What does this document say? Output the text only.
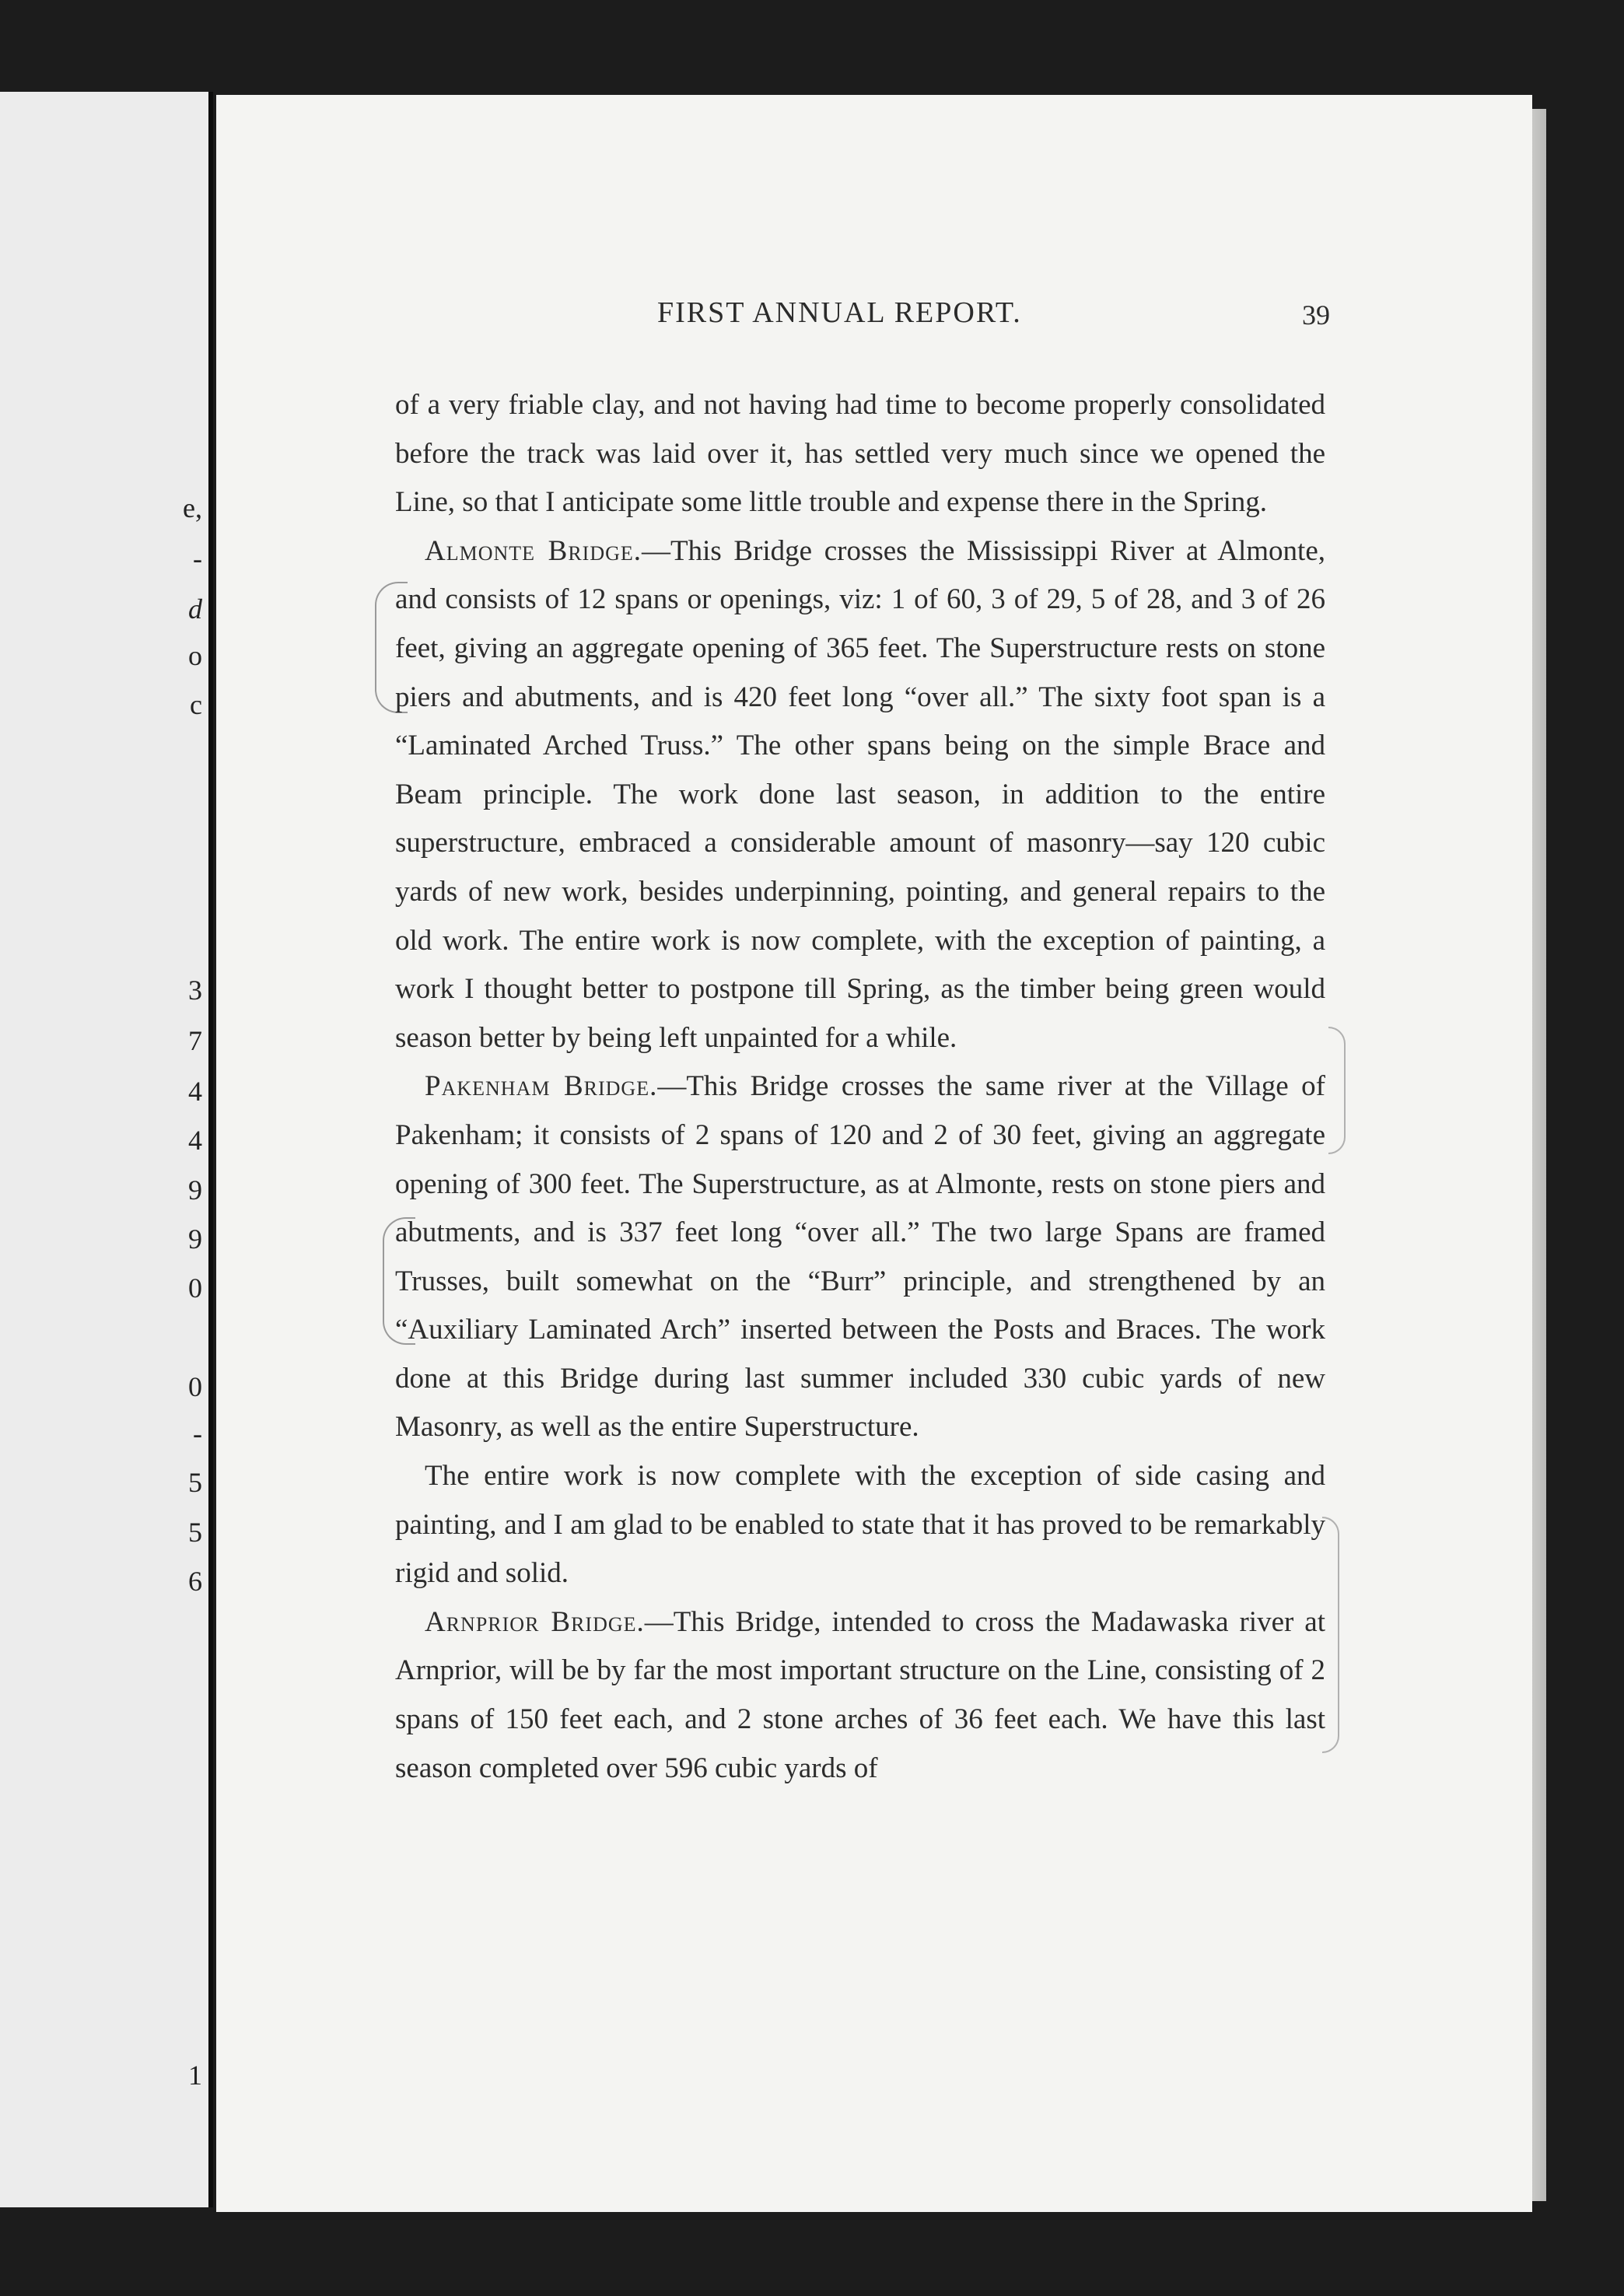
e,
-
d
o
c
3
7
4
4
9
9
0
0
-
5
5
6
1
FIRST ANNUAL REPORT.	39

of a very friable clay, and not having had time to become properly consolidated before the track was laid over it, has settled very much since we opened the Line, so that I anticipate some little trouble and expense there in the Spring.

Almonte Bridge.—This Bridge crosses the Mississippi River at Almonte, and consists of 12 spans or openings, viz: 1 of 60, 3 of 29, 5 of 28, and 3 of 26 feet, giving an aggregate opening of 365 feet. The Superstructure rests on stone piers and abutments, and is 420 feet long “over all.” The sixty foot span is a “Laminated Arched Truss.” The other spans being on the simple Brace and Beam principle. The work done last season, in addition to the entire superstructure, embraced a considerable amount of masonry—say 120 cubic yards of new work, besides underpinning, pointing, and general repairs to the old work. The entire work is now complete, with the exception of painting, a work I thought better to postpone till Spring, as the timber being green would season better by being left unpainted for a while.

Pakenham Bridge.—This Bridge crosses the same river at the Village of Pakenham; it consists of 2 spans of 120 and 2 of 30 feet, giving an aggregate opening of 300 feet. The Superstructure, as at Almonte, rests on stone piers and abutments, and is 337 feet long “over all.” The two large Spans are framed Trusses, built somewhat on the “Burr” principle, and strengthened by an “Auxiliary Laminated Arch” inserted between the Posts and Braces. The work done at this Bridge during last summer included 330 cubic yards of new Masonry, as well as the entire Superstructure.

The entire work is now complete with the exception of side casing and painting, and I am glad to be enabled to state that it has proved to be remarkably rigid and solid.

Arnprior Bridge.—This Bridge, intended to cross the Madawaska river at Arnprior, will be by far the most important structure on the Line, consisting of 2 spans of 150 feet each, and 2 stone arches of 36 feet each. We have this last season completed over 596 cubic yards of
